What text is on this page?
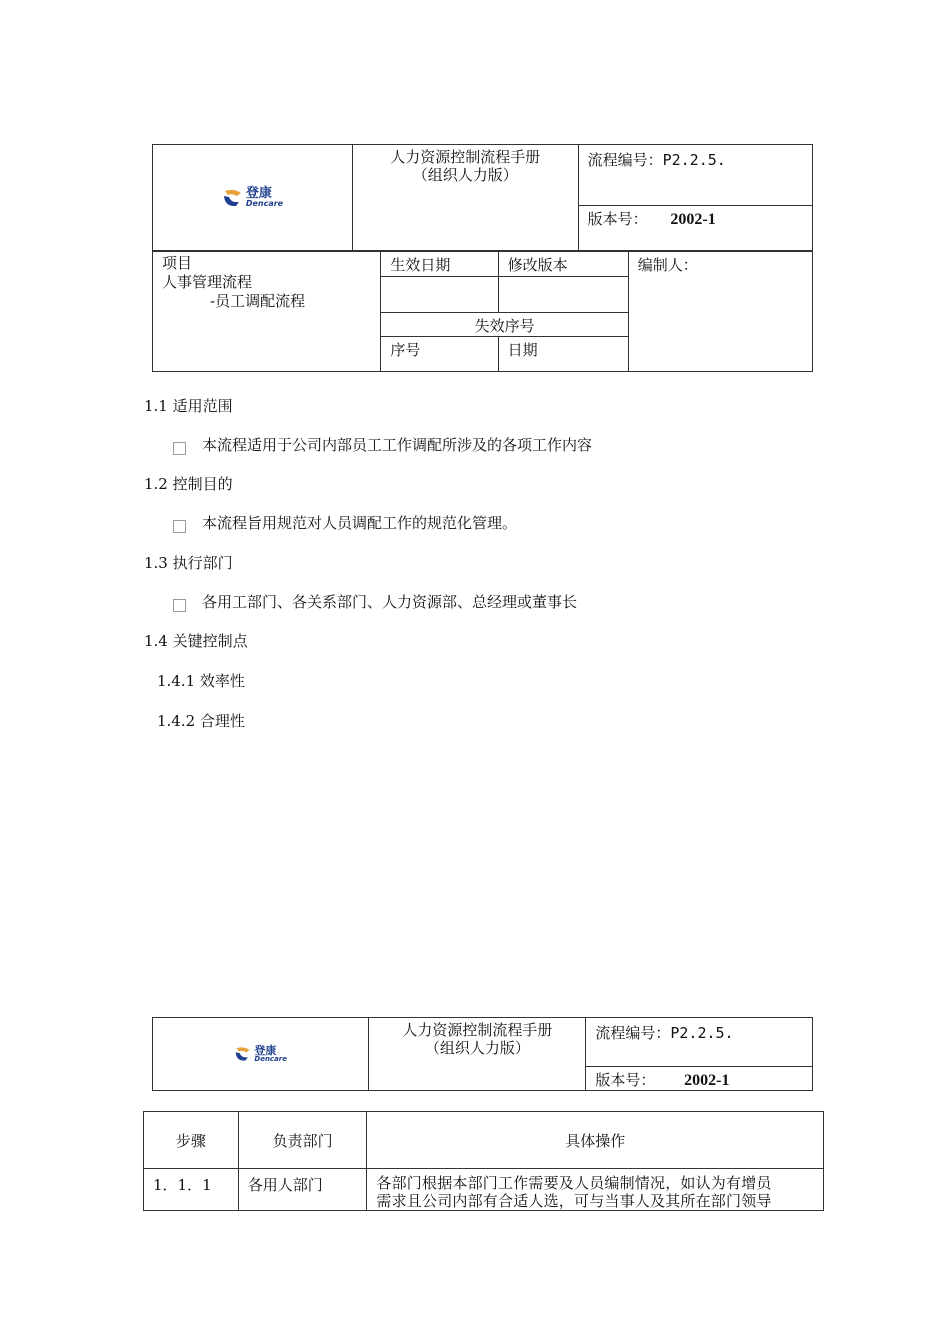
登康
Dencare

人力资源控制流程手册
（组织人力版）
	流程编号：P2.2.5.
版本号： 2002-1
项目
人事管理流程
-员工调配流程	生效日期	修改版本	编制人：

	失效序号		
	序号	日期	
1.1 适用范围
本流程适用于公司内部员工工作调配所涉及的各项工作内容
1.2 控制目的
本流程旨用规范对人员调配工作的规范化管理。
1.3 执行部门
各用工部门、各关系部门、人力资源部、总经理或董事长
1.4 关键控制点
1.4.1 效率性
1.4.2 合理性
登康
Dencare

人力资源控制流程手册
（组织人力版）
	流程编号：P2.2.5.
版本号： 2002-1
步骤	负责部门	具体操作
1．1．1	各用人部门	各部门根据本部门工作需要及人员编制情况，如认为有增员
需求且公司内部有合适人选，可与当事人及其所在部门领导
